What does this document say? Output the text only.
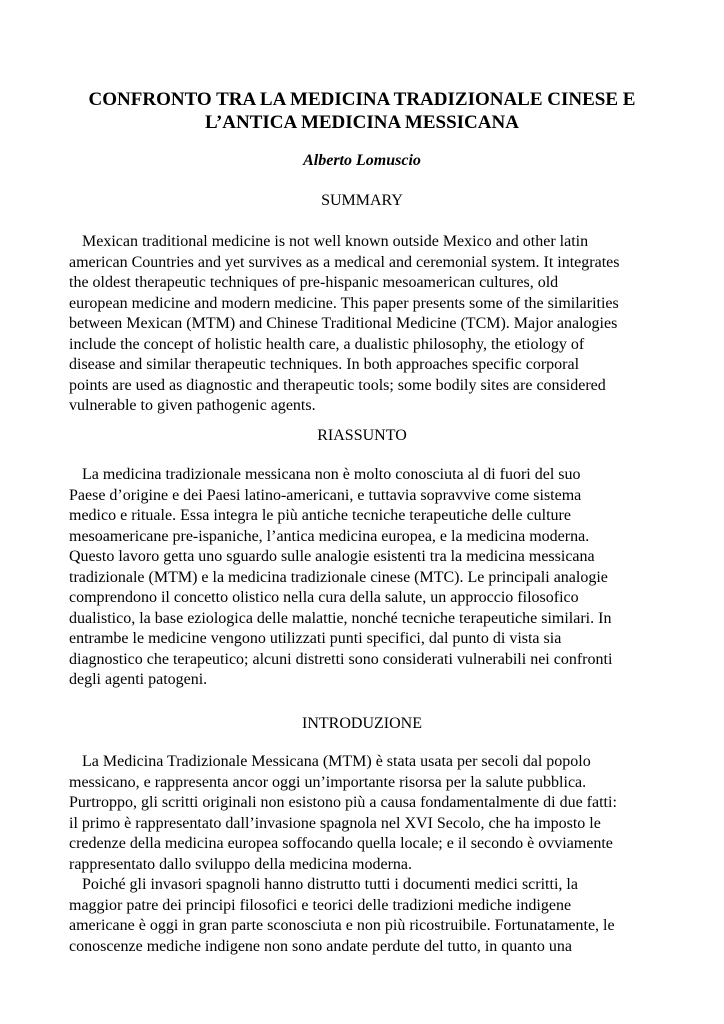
CONFRONTO TRA LA MEDICINA TRADIZIONALE CINESE E
L’ANTICA MEDICINA MESSICANA

Alberto Lomuscio

SUMMARY

Mexican traditional medicine is not well known outside Mexico and other latin
american Countries and yet survives as a medical and ceremonial system. It integrates
the oldest therapeutic techniques of pre-hispanic mesoamerican cultures, old
european medicine and modern medicine. This paper presents some of the similarities
between Mexican (MTM) and Chinese Traditional Medicine (TCM). Major analogies
include the concept of holistic health care, a dualistic philosophy, the etiology of
disease and similar therapeutic techniques. In both approaches specific corporal
points are used as diagnostic and therapeutic tools; some bodily sites are considered
vulnerable to given pathogenic agents.

RIASSUNTO

La medicina tradizionale messicana non è molto conosciuta al di fuori del suo
Paese d’origine e dei Paesi latino-americani, e tuttavia sopravvive come sistema
medico e rituale. Essa integra le più antiche tecniche terapeutiche delle culture
mesoamericane pre-ispaniche, l’antica medicina europea, e la medicina moderna.
Questo lavoro getta uno sguardo sulle analogie esistenti tra la medicina messicana
tradizionale (MTM) e la medicina tradizionale cinese (MTC). Le principali analogie
comprendono il concetto olistico nella cura della salute, un approccio filosofico
dualistico, la base eziologica delle malattie, nonché tecniche terapeutiche similari. In
entrambe le medicine vengono utilizzati punti specifici, dal punto di vista sia
diagnostico che terapeutico; alcuni distretti sono considerati vulnerabili nei confronti
degli agenti patogeni.

INTRODUZIONE

La Medicina Tradizionale Messicana (MTM) è stata usata per secoli dal popolo
messicano, e rappresenta ancor oggi un’importante risorsa per la salute pubblica.
Purtroppo, gli scritti originali non esistono più a causa fondamentalmente di due fatti:
il primo è rappresentato dall’invasione spagnola nel XVI Secolo, che ha imposto le
credenze della medicina europea soffocando quella locale; e il secondo è ovviamente
rappresentato dallo sviluppo della medicina moderna.

Poiché gli invasori spagnoli hanno distrutto tutti i documenti medici scritti, la
maggior patre dei principi filosofici e teorici delle tradizioni mediche indigene
americane è oggi in gran parte sconosciuta e non più ricostruibile. Fortunatamente, le
conoscenze mediche indigene non sono andate perdute del tutto, in quanto una
